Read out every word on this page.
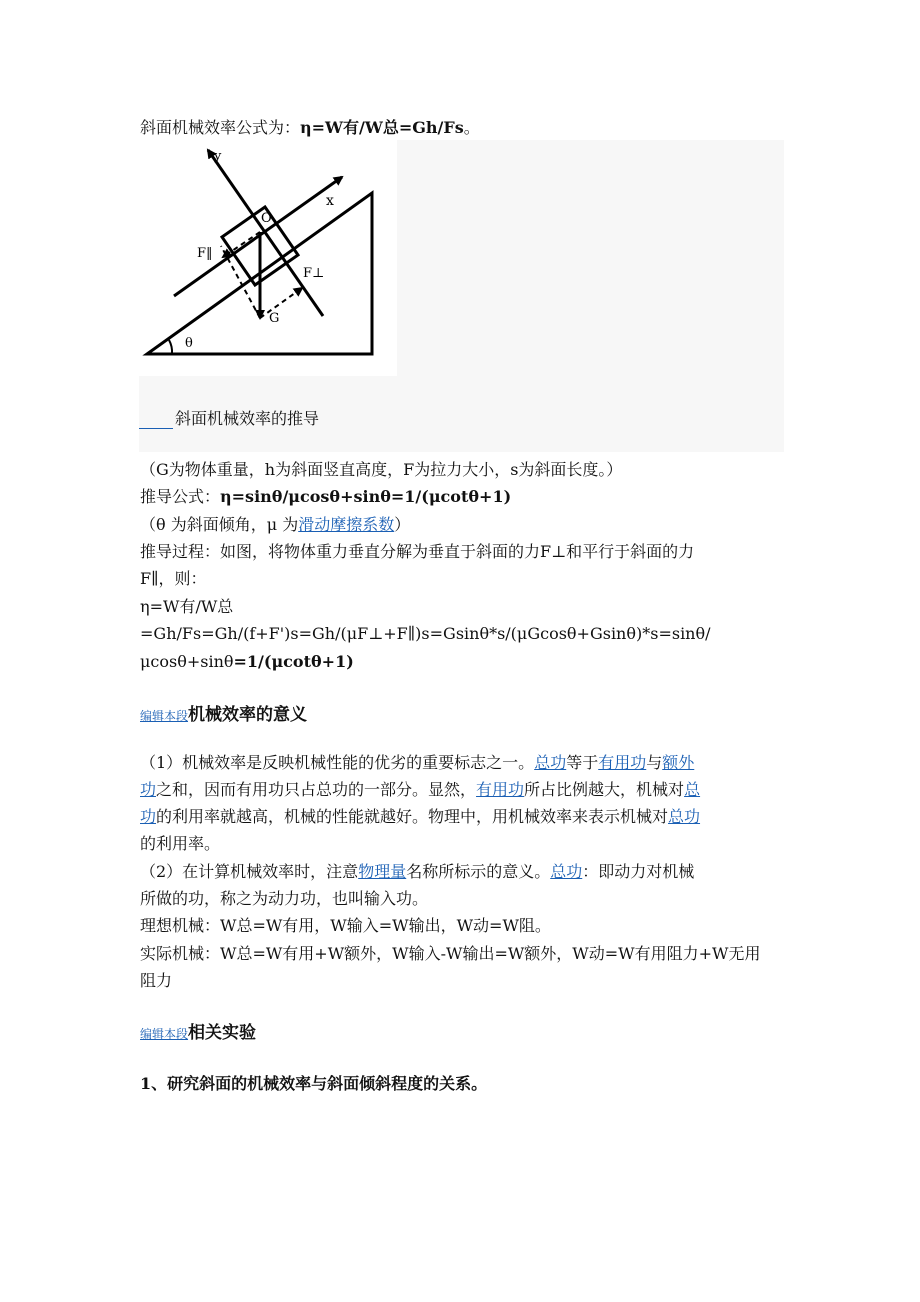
斜面机械效率公式为：η=W有/W总=Gh/Fs。
y
x
O
F‖
F⊥
G
θ
斜面机械效率的推导
（G为物体重量，h为斜面竖直高度，F为拉力大小，s为斜面长度。）
推导公式：η=sinθ/μcosθ+sinθ=1/(μcotθ+1)
（θ 为斜面倾角，μ 为滑动摩擦系数）
推导过程：如图，将物体重力垂直分解为垂直于斜面的力F⊥和平行于斜面的力
F∥，则：
η=W有/W总
=Gh/Fs=Gh/(f+F')s=Gh/(μF⊥+F∥)s=Gsinθ*s/(μGcosθ+Gsinθ)*s=sinθ/
μcosθ+sinθ=1/(μcotθ+1)
编辑本段机械效率的意义
（1）机械效率是反映机械性能的优劣的重要标志之一。总功等于有用功与额外
功之和，因而有用功只占总功的一部分。显然，有用功所占比例越大，机械对总
功的利用率就越高，机械的性能就越好。物理中，用机械效率来表示机械对总功
的利用率。
（2）在计算机械效率时，注意物理量名称所标示的意义。总功：即动力对机械
所做的功，称之为动力功，也叫输入功。
理想机械：W总=W有用，W输入=W输出，W动=W阻。
实际机械：W总=W有用+W额外，W输入-W输出=W额外，W动=W有用阻力+W无用
阻力
编辑本段相关实验
1、研究斜面的机械效率与斜面倾斜程度的关系。
